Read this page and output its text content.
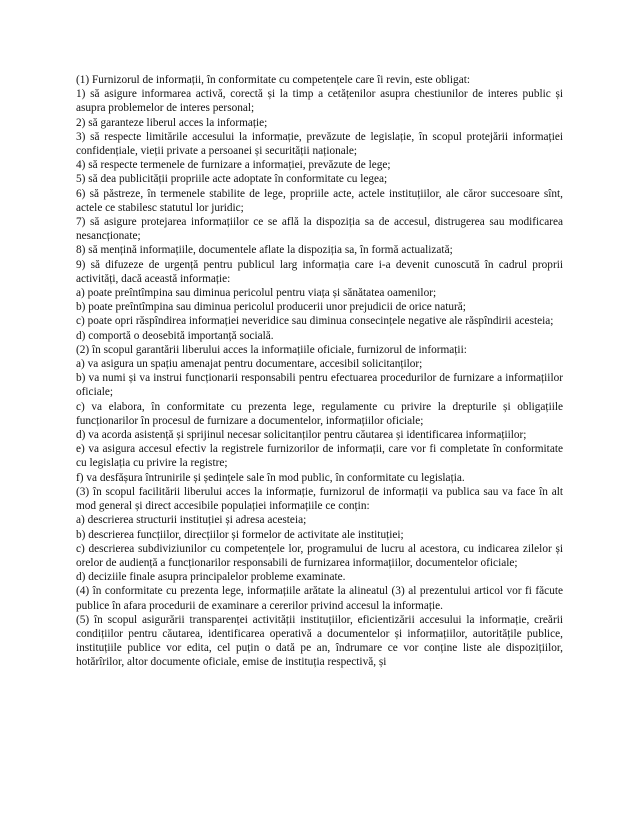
(1) Furnizorul de informații, în conformitate cu competențele care îi revin, este obligat:

1) să asigure informarea activă, corectă și la timp a cetățenilor asupra chestiunilor de interes public și asupra problemelor de interes personal;

2) să garanteze liberul acces la informație;

3) să respecte limitările accesului la informație, prevăzute de legislație, în scopul protejării informației confidențiale, vieții private a persoanei și securității naționale;

4) să respecte termenele de furnizare a informației, prevăzute de lege;

5) să dea publicității propriile acte adoptate în conformitate cu legea;

6) să păstreze, în termenele stabilite de lege, propriile acte, actele instituțiilor, ale căror succesoare sînt, actele ce stabilesc statutul lor juridic;

7) să asigure protejarea informațiilor ce se află la dispoziția sa de accesul, distrugerea sau modificarea nesancționate;

8) să mențină informațiile, documentele aflate la dispoziția sa, în formă actualizată;

9) să difuzeze de urgență pentru publicul larg informația care i-a devenit cunoscută în cadrul proprii activități, dacă această informație:

a) poate preîntîmpina sau diminua pericolul pentru viața și sănătatea oamenilor;

b) poate preîntîmpina sau diminua pericolul producerii unor prejudicii de orice natură;

c) poate opri răspîndirea informației neveridice sau diminua consecințele negative ale răspîndirii acesteia;

d) comportă o deosebită importanță socială.

(2) în scopul garantării liberului acces la informațiile oficiale, furnizorul de informații:

a) va asigura un spațiu amenajat pentru documentare, accesibil solicitanților;

b) va numi și va instrui funcționarii responsabili pentru efectuarea procedurilor de furnizare a informațiilor oficiale;

c) va elabora, în conformitate cu prezenta lege, regulamente cu privire la drepturile și obligațiile funcționarilor în procesul de furnizare a documentelor, informațiilor oficiale;

d) va acorda asistență și sprijinul necesar solicitanților pentru căutarea și identificarea informațiilor;

e) va asigura accesul efectiv la registrele furnizorilor de informații, care vor fi completate în conformitate cu legislația cu privire la registre;

f) va desfășura întrunirile și ședințele sale în mod public, în conformitate cu legislația.

(3) în scopul facilitării liberului acces la informație, furnizorul de informații va publica sau va face în alt mod general și direct accesibile populației informațiile ce conțin:

a) descrierea structurii instituției și adresa acesteia;

b) descrierea funcțiilor, direcțiilor și formelor de activitate ale instituției;

c) descrierea subdiviziunilor cu competențele lor, programului de lucru al acestora, cu indicarea zilelor și orelor de audiență a funcționarilor responsabili de furnizarea informațiilor, documentelor oficiale;

d) deciziile finale asupra principalelor probleme examinate.

(4) în conformitate cu prezenta lege, informațiile arătate la alineatul (3) al prezentului articol vor fi făcute publice în afara procedurii de examinare a cererilor privind accesul la informație.

(5) în scopul asigurării transparenței activității instituțiilor, eficientizării accesului la informație, creării condițiilor pentru căutarea, identificarea operativă a documentelor și informațiilor, autoritățile publice, instituțiile publice vor edita, cel puțin o dată pe an, îndrumare ce vor conține liste ale dispozițiilor, hotărîrilor, altor documente oficiale, emise de instituția respectivă, și
